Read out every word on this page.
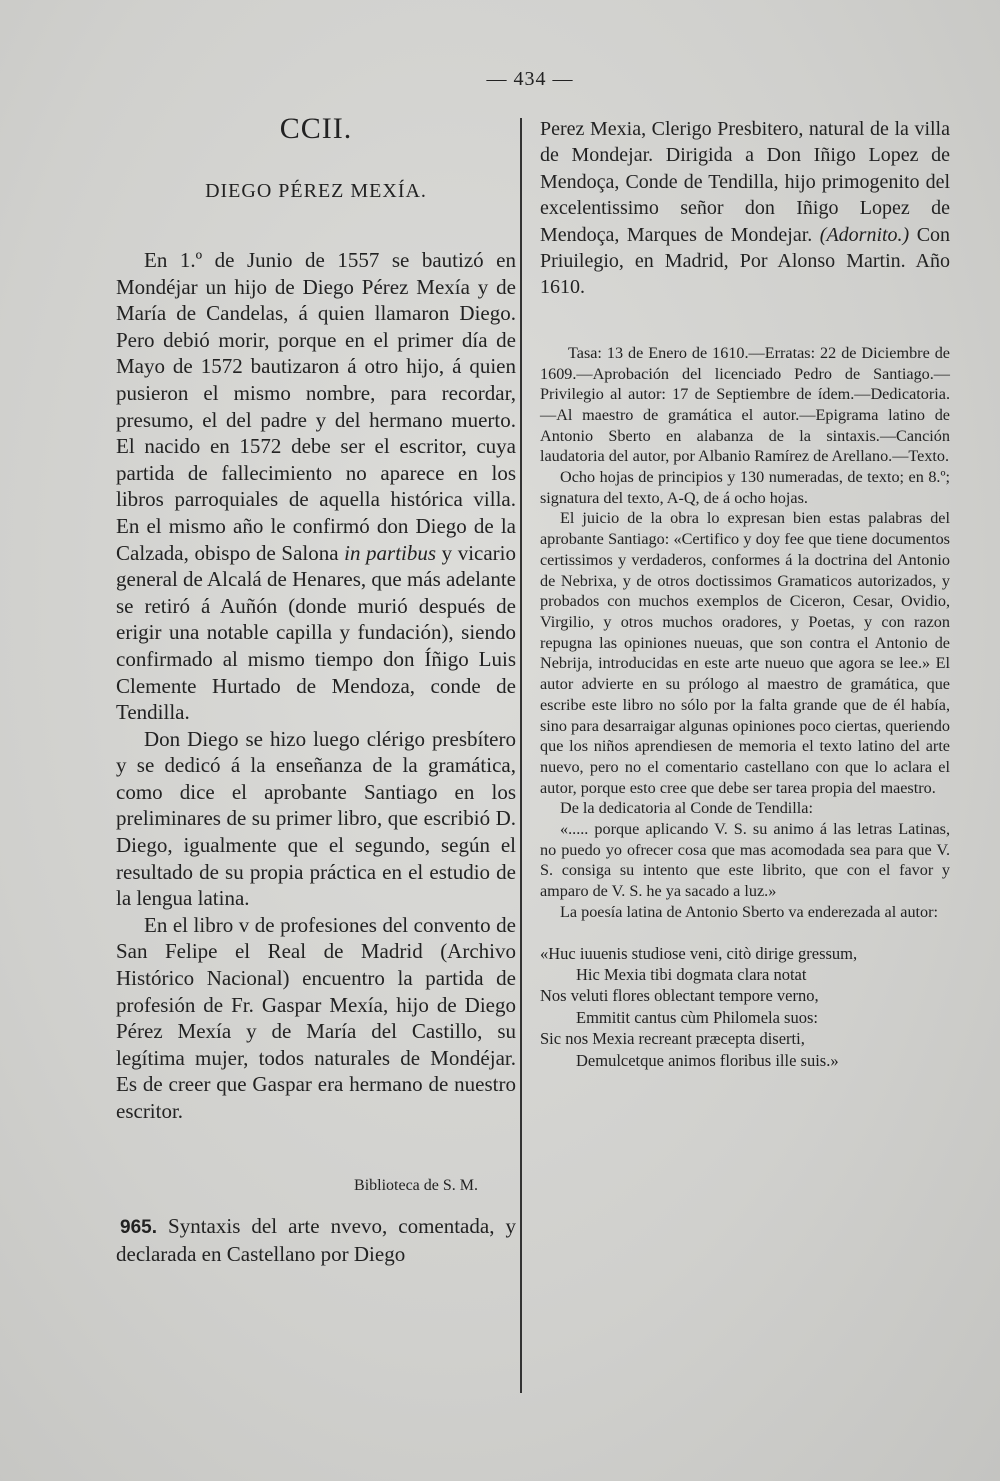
— 434 —
CCII.
DIEGO PÉREZ MEXÍA.

En 1.º de Junio de 1557 se bautizó en Mondéjar un hijo de Diego Pérez Mexía y de María de Candelas, á quien llamaron Diego. Pero debió morir, porque en el primer día de Mayo de 1572 bautizaron á otro hijo, á quien pusieron el mismo nombre, para recordar, presumo, el del padre y del hermano muerto. El nacido en 1572 debe ser el escritor, cuya partida de fallecimiento no aparece en los libros parroquiales de aquella histórica villa. En el mismo año le confirmó don Diego de la Calzada, obispo de Salona in partibus y vicario general de Alcalá de Henares, que más adelante se retiró á Auñón (donde murió después de erigir una notable capilla y fundación), siendo confirmado al mismo tiempo don Íñigo Luis Clemente Hurtado de Mendoza, conde de Tendilla.

Don Diego se hizo luego clérigo presbítero y se dedicó á la enseñanza de la gramática, como dice el aprobante Santiago en los preliminares de su primer libro, que escribió D. Diego, igualmente que el segundo, según el resultado de su propia práctica en el estudio de la lengua latina.

En el libro v de profesiones del convento de San Felipe el Real de Madrid (Archivo Histórico Nacional) encuentro la partida de profesión de Fr. Gaspar Mexía, hijo de Diego Pérez Mexía y de María del Castillo, su legítima mujer, todos naturales de Mondéjar. Es de creer que Gaspar era hermano de nuestro escritor.

Biblioteca de S. M.
965. Syntaxis del arte nvevo, comentada, y declarada en Castellano por Diego

Perez Mexia, Clerigo Presbitero, natural de la villa de Mondejar. Dirigida a Don Iñigo Lopez de Mendoça, Conde de Tendilla, hijo primogenito del excelentissimo señor don Iñigo Lopez de Mendoça, Marques de Mondejar. (Adornito.) Con Priuilegio, en Madrid, Por Alonso Martin. Año 1610.

Tasa: 13 de Enero de 1610.—Erratas: 22 de Diciembre de 1609.—Aprobación del licenciado Pedro de Santiago.—Privilegio al autor: 17 de Septiembre de ídem.—Dedicatoria.—Al maestro de gramática el autor.—Epigrama latino de Antonio Sberto en alabanza de la sintaxis.—Canción laudatoria del autor, por Albanio Ramírez de Arellano.—Texto.

Ocho hojas de principios y 130 numeradas, de texto; en 8.º; signatura del texto, A-Q, de á ocho hojas.

El juicio de la obra lo expresan bien estas palabras del aprobante Santiago: «Certifico y doy fee que tiene documentos certissimos y verdaderos, conformes á la doctrina del Antonio de Nebrixa, y de otros doctissimos Gramaticos autorizados, y probados con muchos exemplos de Ciceron, Cesar, Ovidio, Virgilio, y otros muchos oradores, y Poetas, y con razon repugna las opiniones nueuas, que son contra el Antonio de Nebrija, introducidas en este arte nueuo que agora se lee.» El autor advierte en su prólogo al maestro de gramática, que escribe este libro no sólo por la falta grande que de él había, sino para desarraigar algunas opiniones poco ciertas, queriendo que los niños aprendiesen de memoria el texto latino del arte nuevo, pero no el comentario castellano con que lo aclara el autor, porque esto cree que debe ser tarea propia del maestro.

De la dedicatoria al Conde de Tendilla:

«..... porque aplicando V. S. su animo á las letras Latinas, no puedo yo ofrecer cosa que mas acomodada sea para que V. S. consiga su intento que este librito, que con el favor y amparo de V. S. he ya sacado a luz.»

La poesía latina de Antonio Sberto va enderezada al autor:

«Huc iuuenis studiose veni, citò dirige gressum,
Hic Mexia tibi dogmata clara notat
Nos veluti flores oblectant tempore verno,
Emmitit cantus cùm Philomela suos:
Sic nos Mexia recreant præcepta diserti,
Demulcetque animos floribus ille suis.»
